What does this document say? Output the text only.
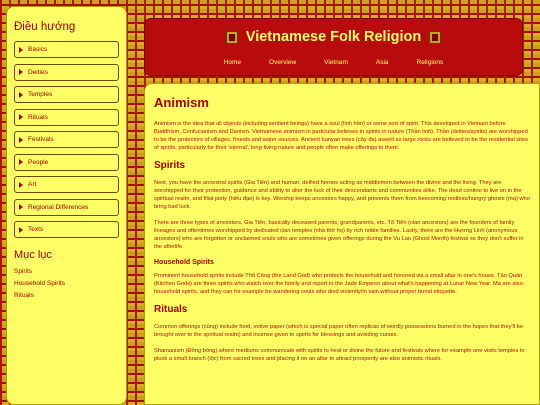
Điều hướng
Basics
Deities
Temples
Rituals
Festivals
People
Art
Regional Differences
Texts
Mục lục
Spirits
Household Spirits
Rituals
Vietnamese Folk Religion
Home	Overview	Vietnam	Asia	Religions
Animism

Animism is the idea that all objects (including sentient beings) have a soul (linh hồn) or some sort of spirit. This developed in Vietnam before Buddhism, Confucianism and Daoism. Vietnamese animism in particular believes in spirits in nature (Thần linh). Thần (deities/spirits) are worshipped to be the protectors of villages, forests and water sources. Ancient banyan trees (cây đa) aswell as large rocks are believed to be the residential sites of spirits, particularly for their 'eternal', long-living nature and people often make offerings to them.

Spirits

Next, you have the ancestral spirits (Gia Tiên) and human, deified heroes acting as middlemen between the divine and the living. They are worshipped for their protection, guidance and ability to alter the luck of their descendants and communities alike. The dead contine to live on in the spiritual realm, and filial piety (hiếu đạo) is key. Worship keeps ancestors happy, and prevents them from beecoming restless/hungry ghosts (ma) who bring bad luck.

There are three types of ancestors, Gia Tiên, basically deceased parents, grandparents, etc. Tổ Tiên (clan ancestors) are the founders of family lineages and oftentimes worshipped by dedicated clan temples (nhà thờ họ) by rich noble families. Lastly, there are the Hương Linh (anonymous ancestors) who are forgotten or unclaimed souls who are sometimes given offerings during the Vu Lan (Ghost Month) festival so they don't suffer in the afterlife.

Household Spirits

Prominent household spirits include Thổ Công (the Land God) who protects the household and honored via a small altar in one's house. Táo Quân (Kitchen Gods) are three spirits who watch over the family and report to the Jade Emperor about what's happening at Lunar New Year. Ma are also household spirits, and they can for example be wandering souls who died violently/in vain without proper burial etiquette.

Rituals

Common offerings (cúng) include food, votive paper (which is special paper often replicas of wordly possessions burned in the hopes that they'll be brought over to the spiritual realm) and incense given to spirits for blessings and avoiding curses.

Shamanism (Đồng bóng) where mediums communicate with spirits to heal or divine the future and festivals where for example one visits temples to pluck a small branch (lộc) from sacred trees and placing it on an altar to attract prosperity are also animistic rituals.
